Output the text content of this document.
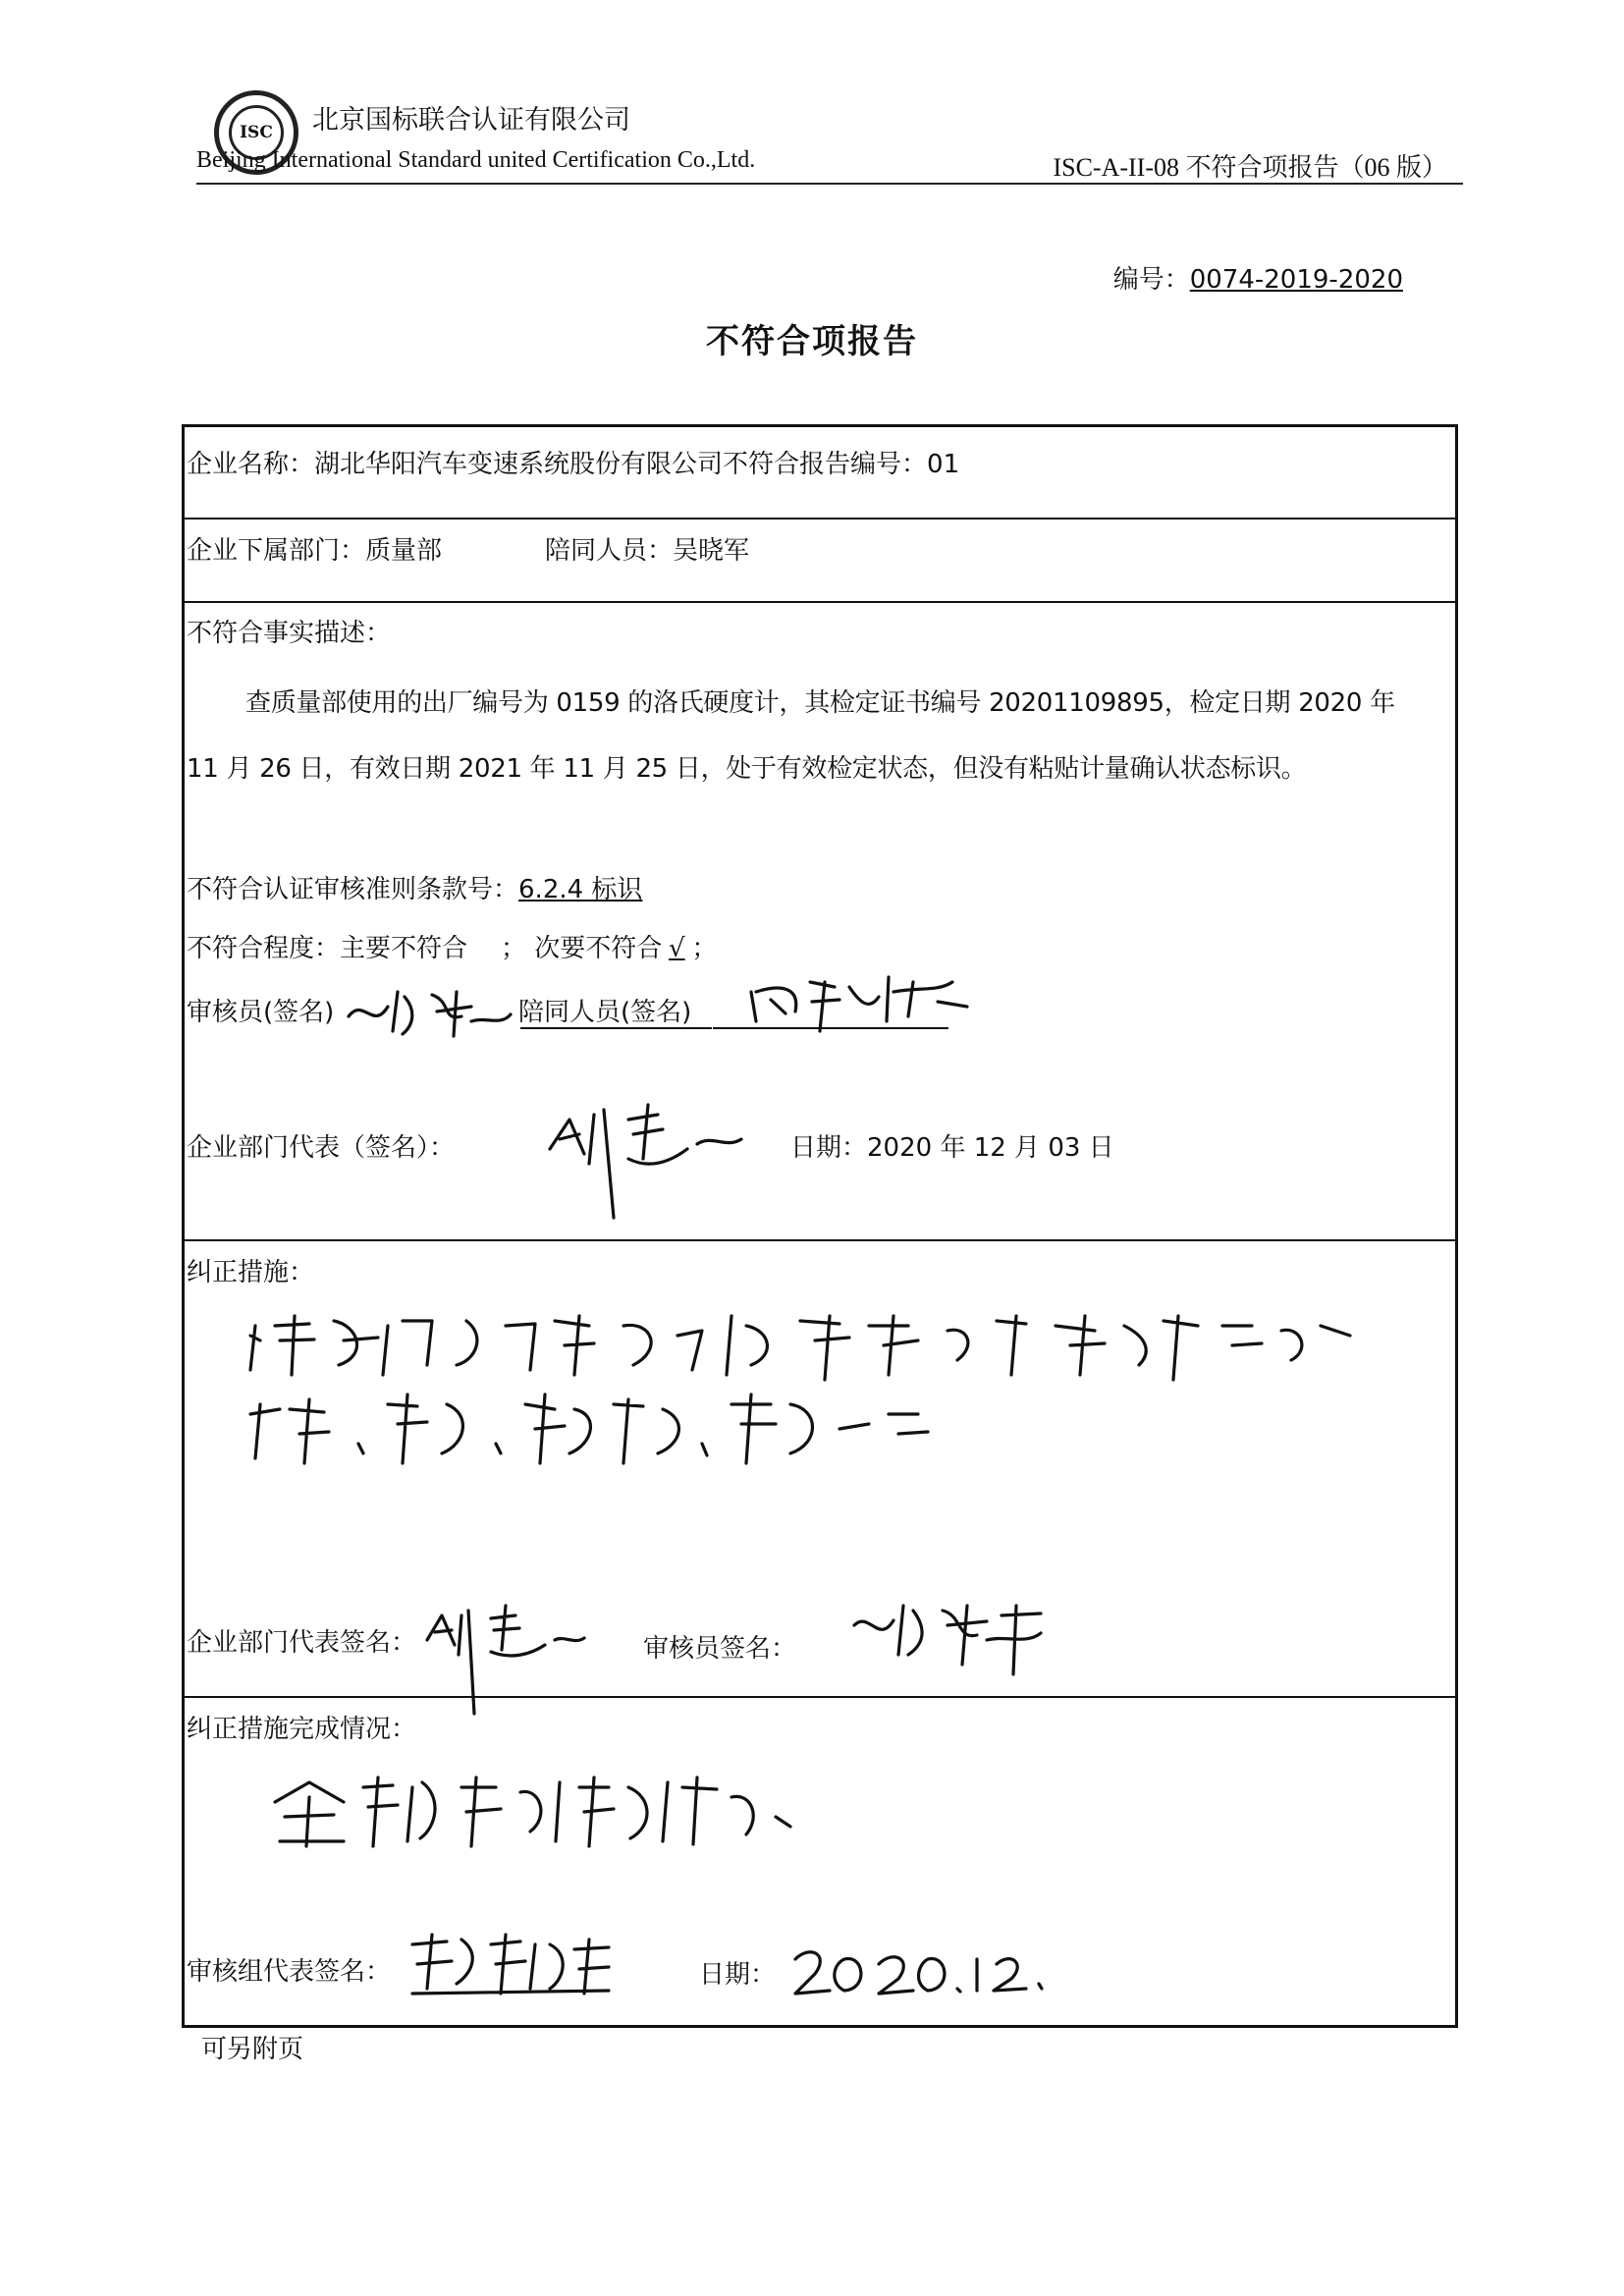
ISC	北京国标联合认证有限公司
Beijing International Standard united Certification Co.,Ltd.	ISC-A-II-08 不符合项报告（06 版）
编号：0074-2019-2020
不符合项报告
企业名称：湖北华阳汽车变速系统股份有限公司不符合报告编号：01
企业下属部门：质量部	陪同人员：吴晓军
不符合事实描述：
查质量部使用的出厂编号为 0159 的洛氏硬度计，其检定证书编号 20201109895，检定日期 2020 年
11 月 26 日，有效日期 2021 年 11 月 25 日，处于有效检定状态，但没有粘贴计量确认状态标识。
不符合认证审核准则条款号：6.2.4 标识
不符合程度：主要不符合 ； 次要不符合 √ ；
审核员(签名)	陪同人员(签名)
企业部门代表（签名）：	日期：2020 年 12 月 03 日
纠正措施：
企业部门代表签名：	审核员签名：
纠正措施完成情况：
审核组代表签名：	日期：
可另附页
